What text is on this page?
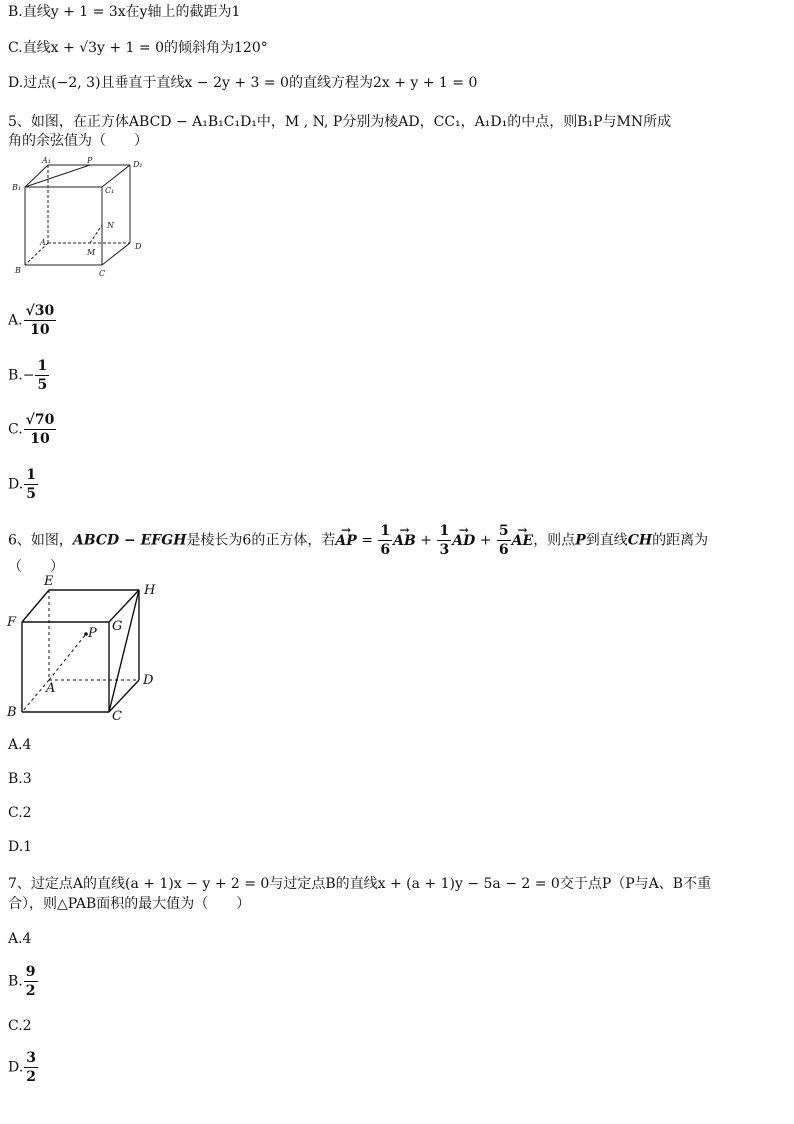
B.直线y + 1 = 3x在y轴上的截距为1
C.直线x + √3y + 1 = 0的倾斜角为120°
D.过点(−2, 3)且垂直于直线x − 2y + 3 = 0的直线方程为2x + y + 1 = 0
5、如图，在正方体ABCD − A₁B₁C₁D₁中，M , N, P分别为棱AD，CC₁，A₁D₁的中点，则B₁P与MN所成
角的余弦值为（　　）
A₁	P	D₁
B₁	C₁
N
A	D
M
B	C
A. $\frac{√30}{10}$
$B.- \frac{1}{5}$
C. $\frac{√70}{10}$
D. $\frac{1}{5}$
6、如图，ABCD − EFGH是棱长为6的正方体，若→ AP = $\frac{1}{6}$ → AB + $\frac{1}{3}$ → AD + $\frac{5}{6}$ → AE，则点P到直线CH的距离为
（　　）
E
H
F	G
P
A
D
B	C
A.4
B.3
C.2
D.1
7、过定点A的直线(a + 1)x − y + 2 = 0与过定点B的直线x + (a + 1)y − 5a − 2 = 0交于点P（P与A、B不重
合），则△PAB面积的最大值为（　　）
A.4
B. $\frac{9}{2}$
C.2
D. $\frac{3}{2}$
